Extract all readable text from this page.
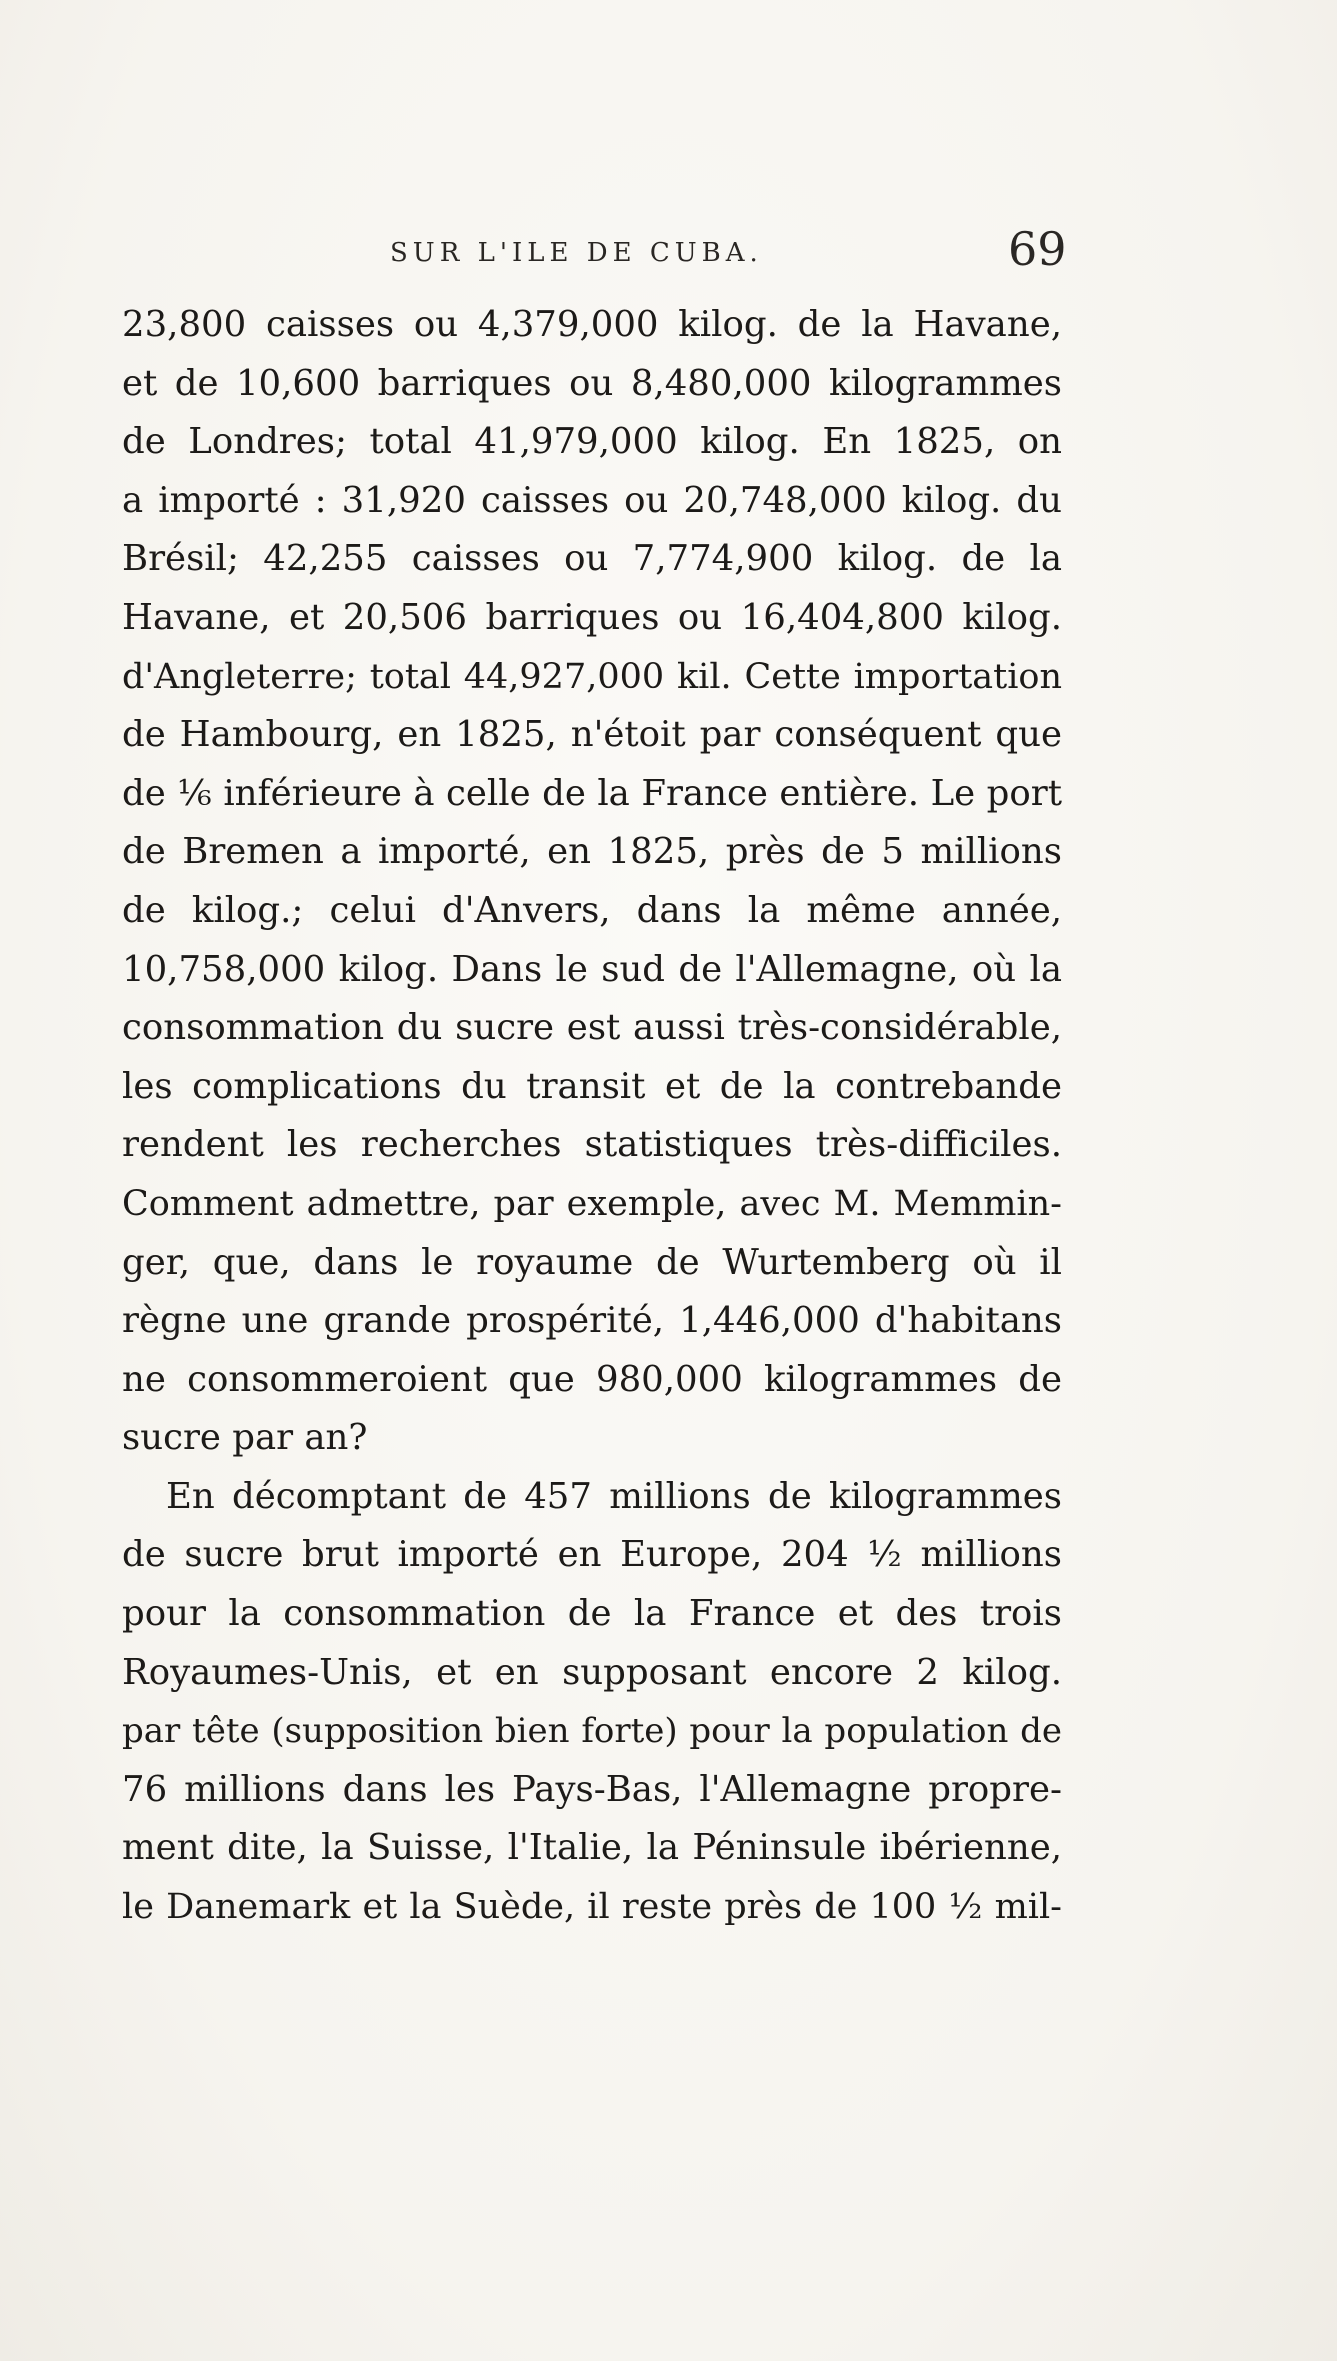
SUR L'ILE DE CUBA.	69
23,800 caisses ou 4,379,000 kilog. de la Havane,
et de 10,600 barriques ou 8,480,000 kilogrammes
de Londres; total 41,979,000 kilog. En 1825, on
a importé : 31,920 caisses ou 20,748,000 kilog. du
Brésil; 42,255 caisses ou 7,774,900 kilog. de la
Havane, et 20,506 barriques ou 16,404,800 kilog.
d'Angleterre; total 44,927,000 kil. Cette importation
de Hambourg, en 1825, n'étoit par conséquent que
de ⅙ inférieure à celle de la France entière. Le port
de Bremen a importé, en 1825, près de 5 millions
de kilog.; celui d'Anvers, dans la même année,
10,758,000 kilog. Dans le sud de l'Allemagne, où la
consommation du sucre est aussi très-considérable,
les complications du transit et de la contrebande
rendent les recherches statistiques très-difficiles.
Comment admettre, par exemple, avec M. Memmin-
ger, que, dans le royaume de Wurtemberg où il
règne une grande prospérité, 1,446,000 d'habitans
ne consommeroient que 980,000 kilogrammes de
sucre par an?
En décomptant de 457 millions de kilogrammes
de sucre brut importé en Europe, 204 ½ millions
pour la consommation de la France et des trois
Royaumes-Unis, et en supposant encore 2 kilog.
par tête (supposition bien forte) pour la population de
76 millions dans les Pays-Bas, l'Allemagne propre-
ment dite, la Suisse, l'Italie, la Péninsule ibérienne,
le Danemark et la Suède, il reste près de 100 ½ mil-
